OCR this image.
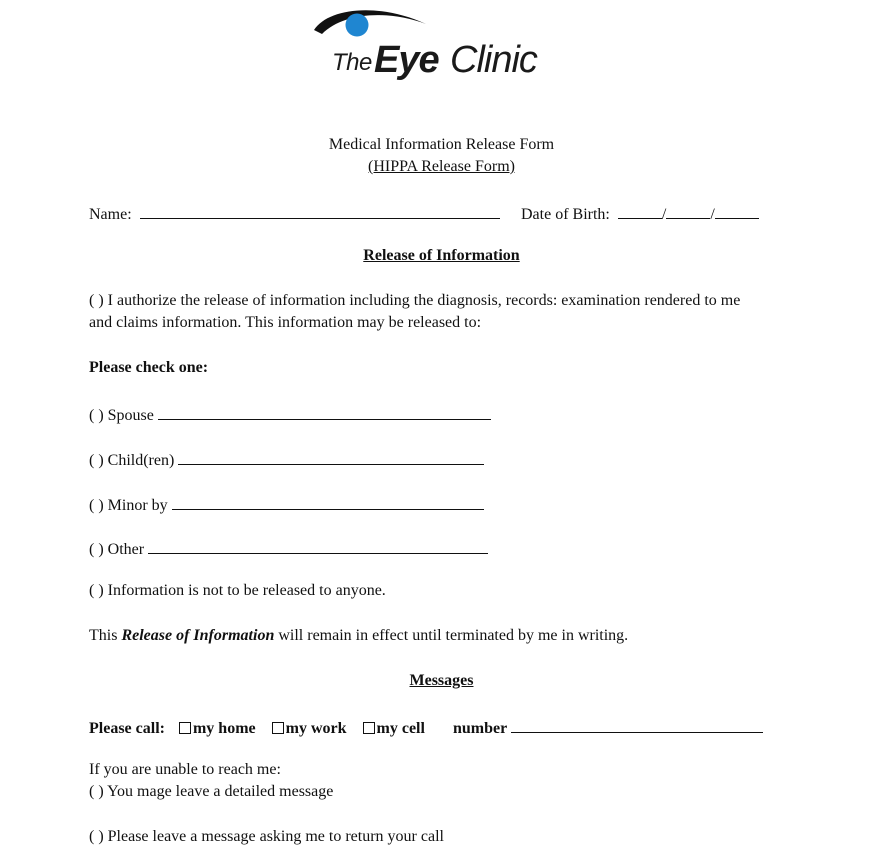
The Eye Clinic
Medical Information Release Form
(HIPPA Release Form)
Name:	Date of Birth:	/	/
Release of Information
( ) I authorize the release of information including the diagnosis, records: examination rendered to me
and claims information. This information may be released to:
Please check one:
( ) Spouse
( ) Child(ren)
( ) Minor by
( ) Other
( ) Information is not to be released to anyone.
This Release of Information will remain in effect until terminated by me in writing.
Messages
Please call: my home my work my cell number
If you are unable to reach me:
( ) You mage leave a detailed message
( ) Please leave a message asking me to return your call
